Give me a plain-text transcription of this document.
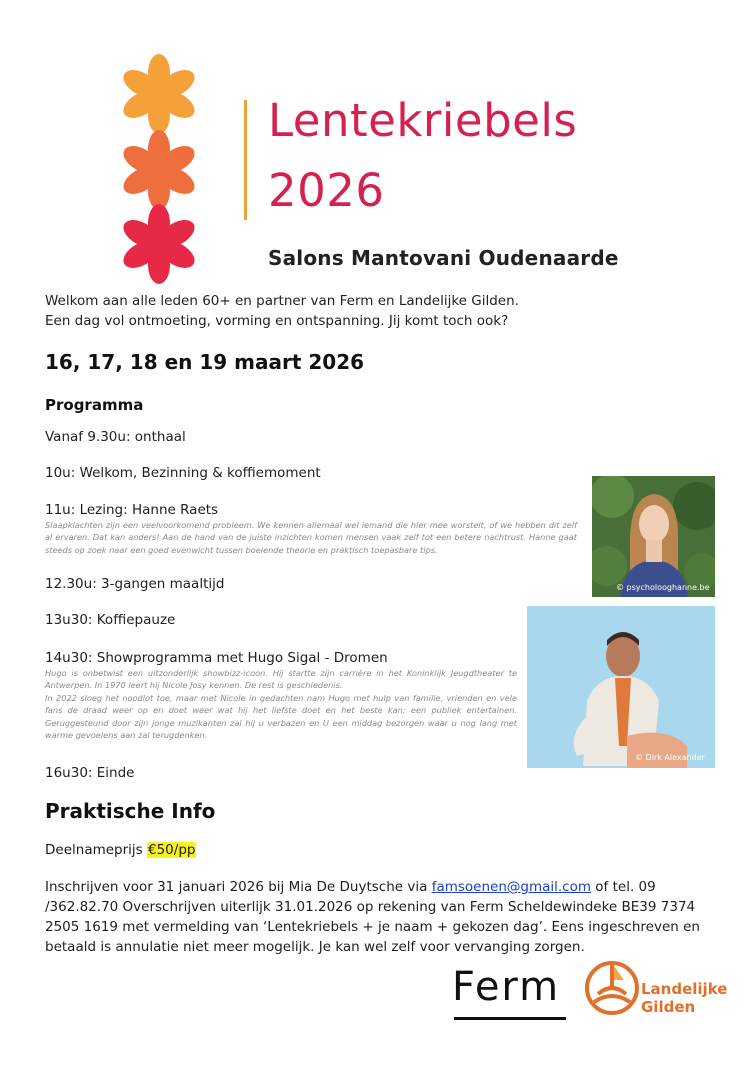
Lentekriebels
2026
Salons Mantovani Oudenaarde
Welkom aan alle leden 60+ en partner van Ferm en Landelijke Gilden.
Een dag vol ontmoeting, vorming en ontspanning. Jij komt toch ook?
16, 17, 18 en 19 maart 2026
Programma
Vanaf 9.30u: onthaal
10u: Welkom, Bezinning & koffiemoment
11u: Lezing: Hanne Raets
Slaapklachten zijn een veelvoorkomend probleem. We kennen allemaal wel iemand die hier mee worstelt, of we hebben dit zelf al ervaren. Dat kan anders! Aan de hand van de juiste inzichten komen mensen vaak zelf tot een betere nachtrust. Hanne gaat steeds op zoek naar een goed evenwicht tussen boeiende theorie en praktisch toepasbare tips.
12.30u: 3-gangen maaltijd
13u30: Koffiepauze
14u30: Showprogramma met Hugo Sigal - Dromen
Hugo is onbetwist een uitzonderlijk showbizz-icoon. Hij startte zijn carrière in het Koninklijk Jeugdtheater te Antwerpen. In 1970 leert hij Nicole Josy kennen. De rest is geschiedenis.
In 2022 sloeg het noodlot toe, maar met Nicole in gedachten nam Hugo met hulp van familie, vrienden en vele fans de draad weer op en doet weer wat hij het liefste doet en het beste kan: een publiek entertainen. Geruggesteund door zijn jonge muzikanten zal hij u verbazen en U een middag bezorgen waar u nog lang met warme gevoelens aan zal terugdenken.
16u30: Einde
© psycholooghanne.be
© Dirk Alexander
Praktische Info
Deelnameprijs €50/pp
Inschrijven voor 31 januari 2026 bij Mia De Duytsche via famsoenen@gmail.com of tel. 09 /362.82.70 Overschrijven uiterlijk 31.01.2026 op rekening van Ferm Scheldewindeke BE39 7374 2505 1619 met vermelding van ‘Lentekriebels + je naam + gekozen dag’. Eens ingeschreven en betaald is annulatie niet meer mogelijk. Je kan wel zelf voor vervanging zorgen.
Ferm	Landelijke
Gilden
